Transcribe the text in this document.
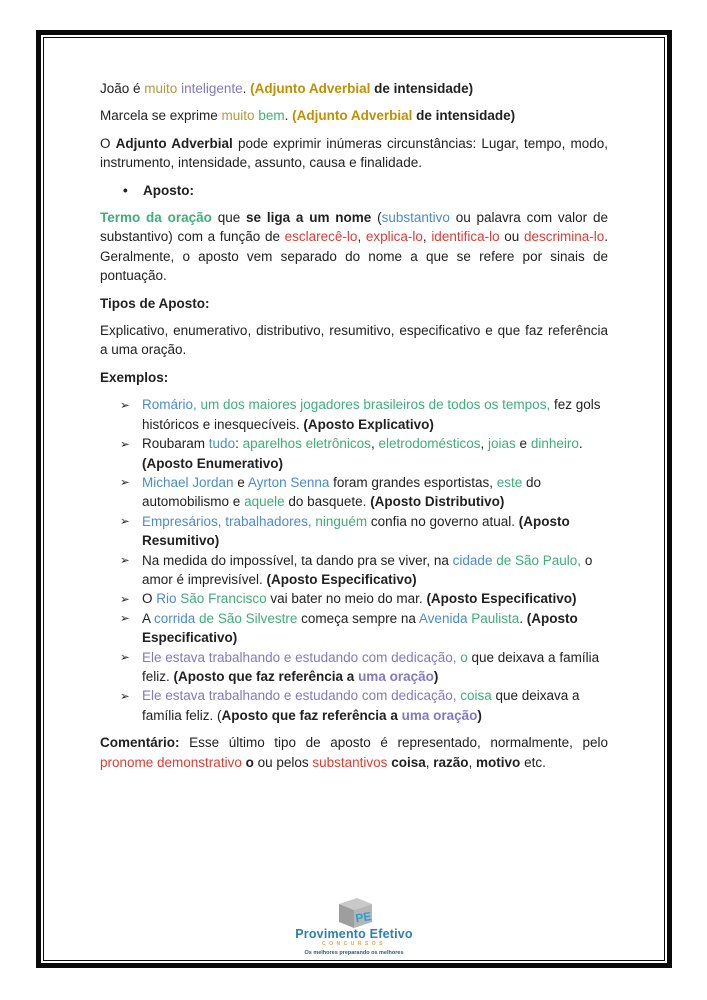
João é muito inteligente. (Adjunto Adverbial de intensidade)

Marcela se exprime muito bem. (Adjunto Adverbial de intensidade)

O Adjunto Adverbial pode exprimir inúmeras circunstâncias: Lugar, tempo, modo, instrumento, intensidade, assunto, causa e finalidade.

• Aposto:

Termo da oração que se liga a um nome (substantivo ou palavra com valor de substantivo) com a função de esclarecê-lo, explica-lo, identifica-lo ou descrimina-lo. Geralmente, o aposto vem separado do nome a que se refere por sinais de pontuação.

Tipos de Aposto:

Explicativo, enumerativo, distributivo, resumitivo, especificativo e que faz referência a uma oração.

Exemplos:

➢ Romário, um dos maiores jogadores brasileiros de todos os tempos, fez gols históricos e inesquecíveis. (Aposto Explicativo)
➢ Roubaram tudo: aparelhos eletrônicos, eletrodomésticos, joias e dinheiro. (Aposto Enumerativo)
➢ Michael Jordan e Ayrton Senna foram grandes esportistas, este do automobilismo e aquele do basquete. (Aposto Distributivo)
➢ Empresários, trabalhadores, ninguém confia no governo atual. (Aposto Resumitivo)
➢ Na medida do impossível, ta dando pra se viver, na cidade de São Paulo, o amor é imprevisível. (Aposto Especificativo)
➢ O Rio São Francisco vai bater no meio do mar. (Aposto Especificativo)
➢ A corrida de São Silvestre começa sempre na Avenida Paulista. (Aposto Especificativo)
➢ Ele estava trabalhando e estudando com dedicação, o que deixava a família feliz. (Aposto que faz referência a uma oração)
➢ Ele estava trabalhando e estudando com dedicação, coisa que deixava a família feliz. (Aposto que faz referência a uma oração)

Comentário: Esse último tipo de aposto é representado, normalmente, pelo pronome demonstrativo o ou pelos substantivos coisa, razão, motivo etc.

PE
Provimento Efetivo
CONCURSOS
Os melhores preparando os melhores
